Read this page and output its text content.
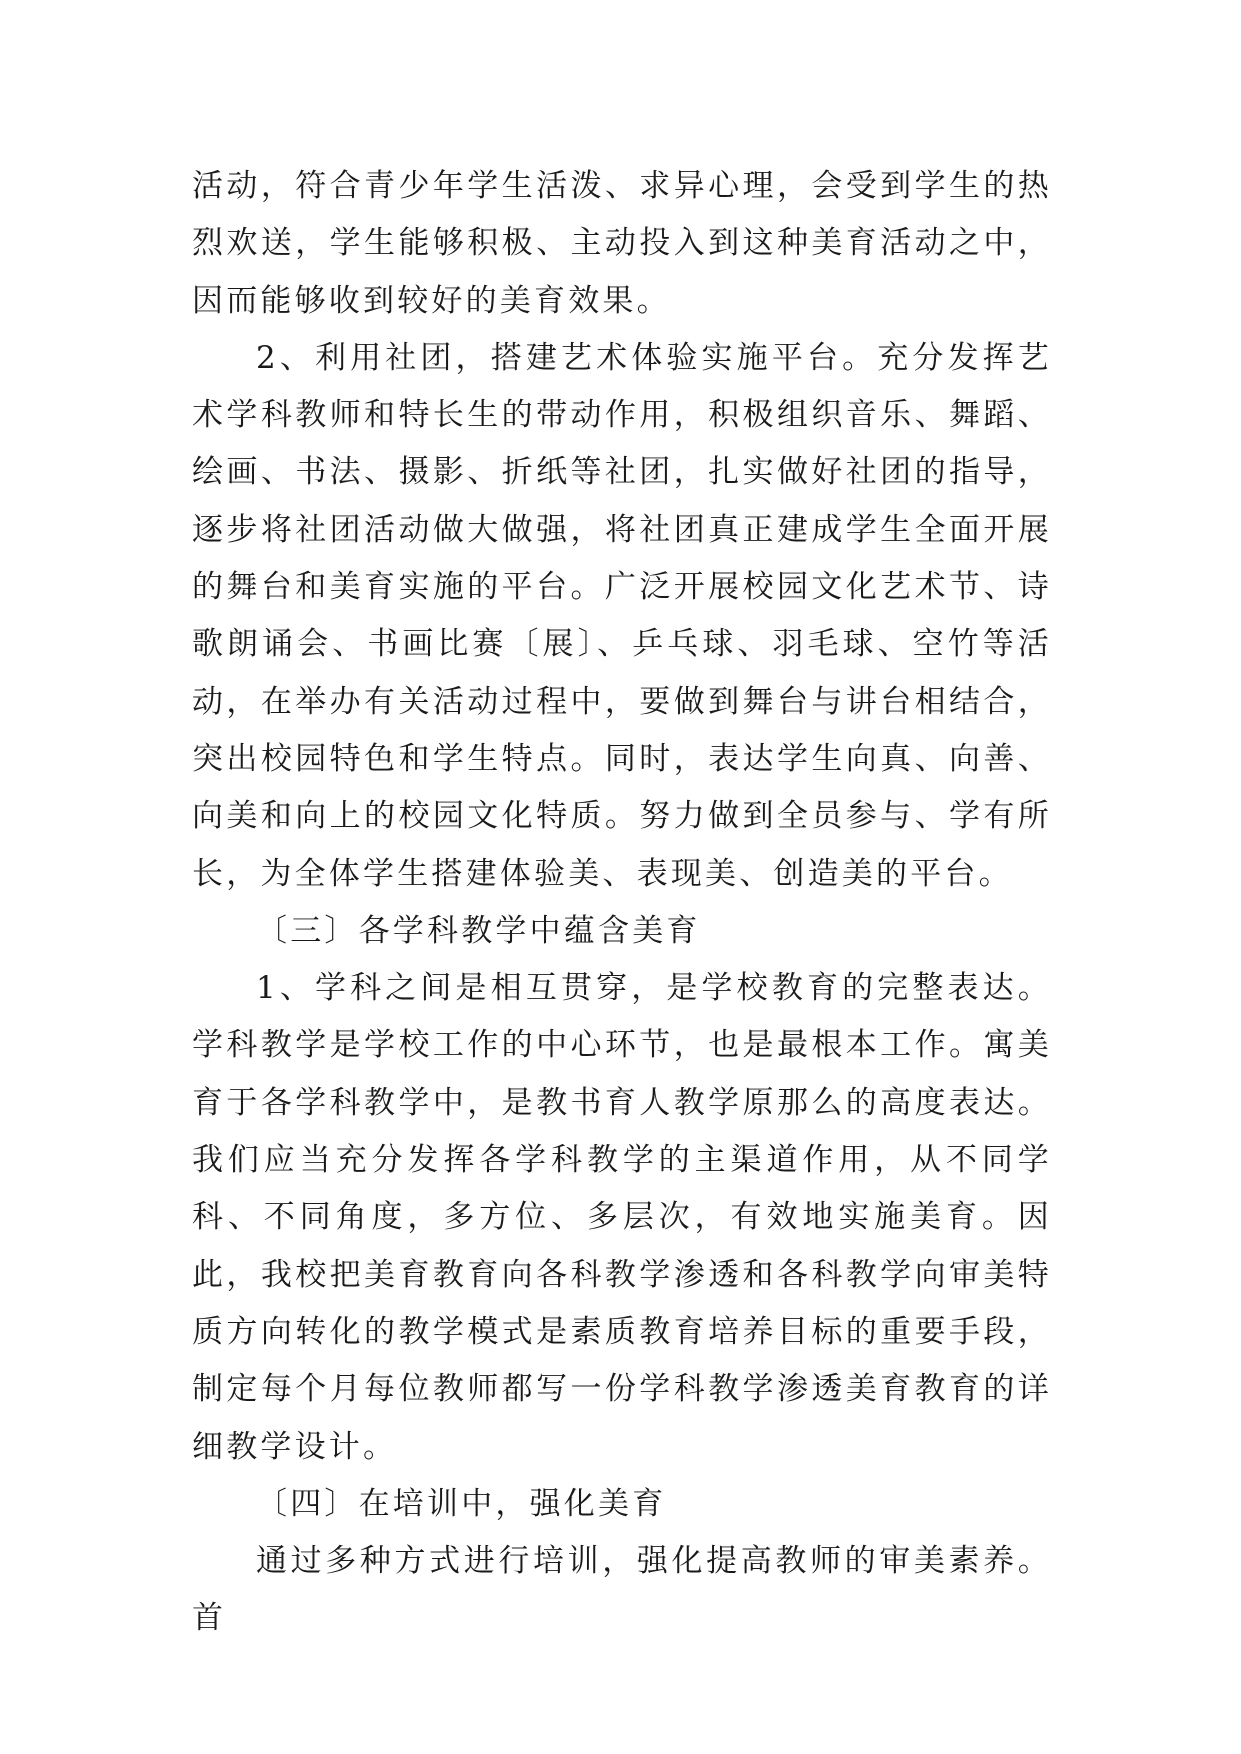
活动，符合青少年学生活泼、求异心理，会受到学生的热烈欢送，学生能够积极、主动投入到这种美育活动之中，因而能够收到较好的美育效果。

2、利用社团，搭建艺术体验实施平台。充分发挥艺术学科教师和特长生的带动作用，积极组织音乐、舞蹈、绘画、书法、摄影、折纸等社团，扎实做好社团的指导，逐步将社团活动做大做强，将社团真正建成学生全面开展的舞台和美育实施的平台。广泛开展校园文化艺术节、诗歌朗诵会、书画比赛〔展〕、乒乓球、羽毛球、空竹等活动，在举办有关活动过程中，要做到舞台与讲台相结合，突出校园特色和学生特点。同时，表达学生向真、向善、向美和向上的校园文化特质。努力做到全员参与、学有所长，为全体学生搭建体验美、表现美、创造美的平台。

〔三〕各学科教学中蕴含美育

1、学科之间是相互贯穿，是学校教育的完整表达。学科教学是学校工作的中心环节，也是最根本工作。寓美育于各学科教学中，是教书育人教学原那么的高度表达。我们应当充分发挥各学科教学的主渠道作用，从不同学科、不同角度，多方位、多层次，有效地实施美育。因此，我校把美育教育向各科教学渗透和各科教学向审美特质方向转化的教学模式是素质教育培养目标的重要手段，制定每个月每位教师都写一份学科教学渗透美育教育的详细教学设计。

〔四〕在培训中，强化美育

通过多种方式进行培训，强化提高教师的审美素养。首
